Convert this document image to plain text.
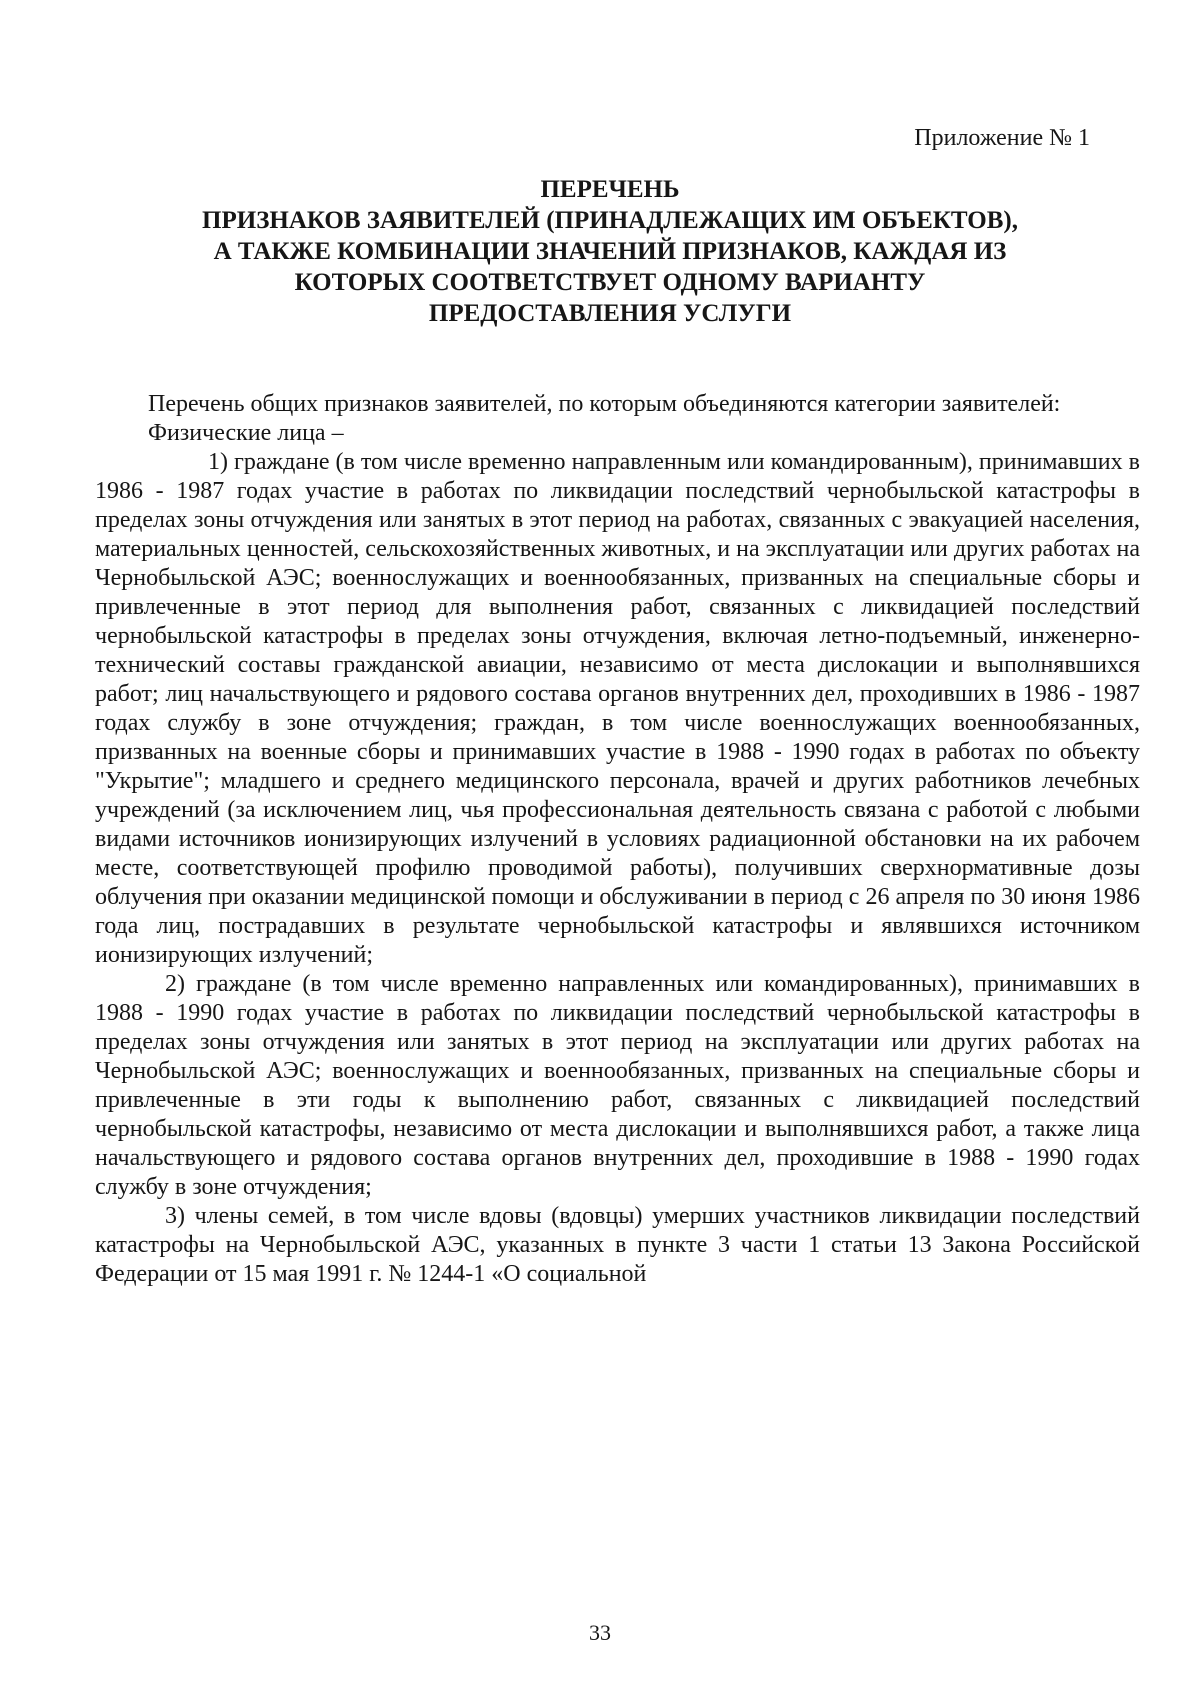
Приложение № 1
ПЕРЕЧЕНЬ
ПРИЗНАКОВ ЗАЯВИТЕЛЕЙ (ПРИНАДЛЕЖАЩИХ ИМ ОБЪЕКТОВ),
А ТАКЖЕ КОМБИНАЦИИ ЗНАЧЕНИЙ ПРИЗНАКОВ, КАЖДАЯ ИЗ
КОТОРЫХ СООТВЕТСТВУЕТ ОДНОМУ ВАРИАНТУ
ПРЕДОСТАВЛЕНИЯ УСЛУГИ

Перечень общих признаков заявителей, по которым объединяются категории заявителей:

Физические лица –

1) граждане (в том числе временно направленным или командированным), принимавших в 1986 - 1987 годах участие в работах по ликвидации последствий чернобыльской катастрофы в пределах зоны отчуждения или занятых в этот период на работах, связанных с эвакуацией населения, материальных ценностей, сельскохозяйственных животных, и на эксплуатации или других работах на Чернобыльской АЭС; военнослужащих и военнообязанных, призванных на специальные сборы и привлеченные в этот период для выполнения работ, связанных с ликвидацией последствий чернобыльской катастрофы в пределах зоны отчуждения, включая летно-подъемный, инженерно-технический составы гражданской авиации, независимо от места дислокации и выполнявшихся работ; лиц начальствующего и рядового состава органов внутренних дел, проходивших в 1986 - 1987 годах службу в зоне отчуждения; граждан, в том числе военнослужащих военнообязанных, призванных на военные сборы и принимавших участие в 1988 - 1990 годах в работах по объекту "Укрытие"; младшего и среднего медицинского персонала, врачей и других работников лечебных учреждений (за исключением лиц, чья профессиональная деятельность связана с работой с любыми видами источников ионизирующих излучений в условиях радиационной обстановки на их рабочем месте, соответствующей профилю проводимой работы), получивших сверхнормативные дозы облучения при оказании медицинской помощи и обслуживании в период с 26 апреля по 30 июня 1986 года лиц, пострадавших в результате чернобыльской катастрофы и являвшихся источником ионизирующих излучений;

2) граждане (в том числе временно направленных или командированных), принимавших в 1988 - 1990 годах участие в работах по ликвидации последствий чернобыльской катастрофы в пределах зоны отчуждения или занятых в этот период на эксплуатации или других работах на Чернобыльской АЭС; военнослужащих и военнообязанных, призванных на специальные сборы и привлеченные в эти годы к выполнению работ, связанных с ликвидацией последствий чернобыльской катастрофы, независимо от места дислокации и выполнявшихся работ, а также лица начальствующего и рядового состава органов внутренних дел, проходившие в 1988 - 1990 годах службу в зоне отчуждения;

3) члены семей, в том числе вдовы (вдовцы) умерших участников ликвидации последствий катастрофы на Чернобыльской АЭС, указанных в пункте 3 части 1 статьи 13 Закона Российской Федерации от 15 мая 1991 г. № 1244-1 «О социальной

33
